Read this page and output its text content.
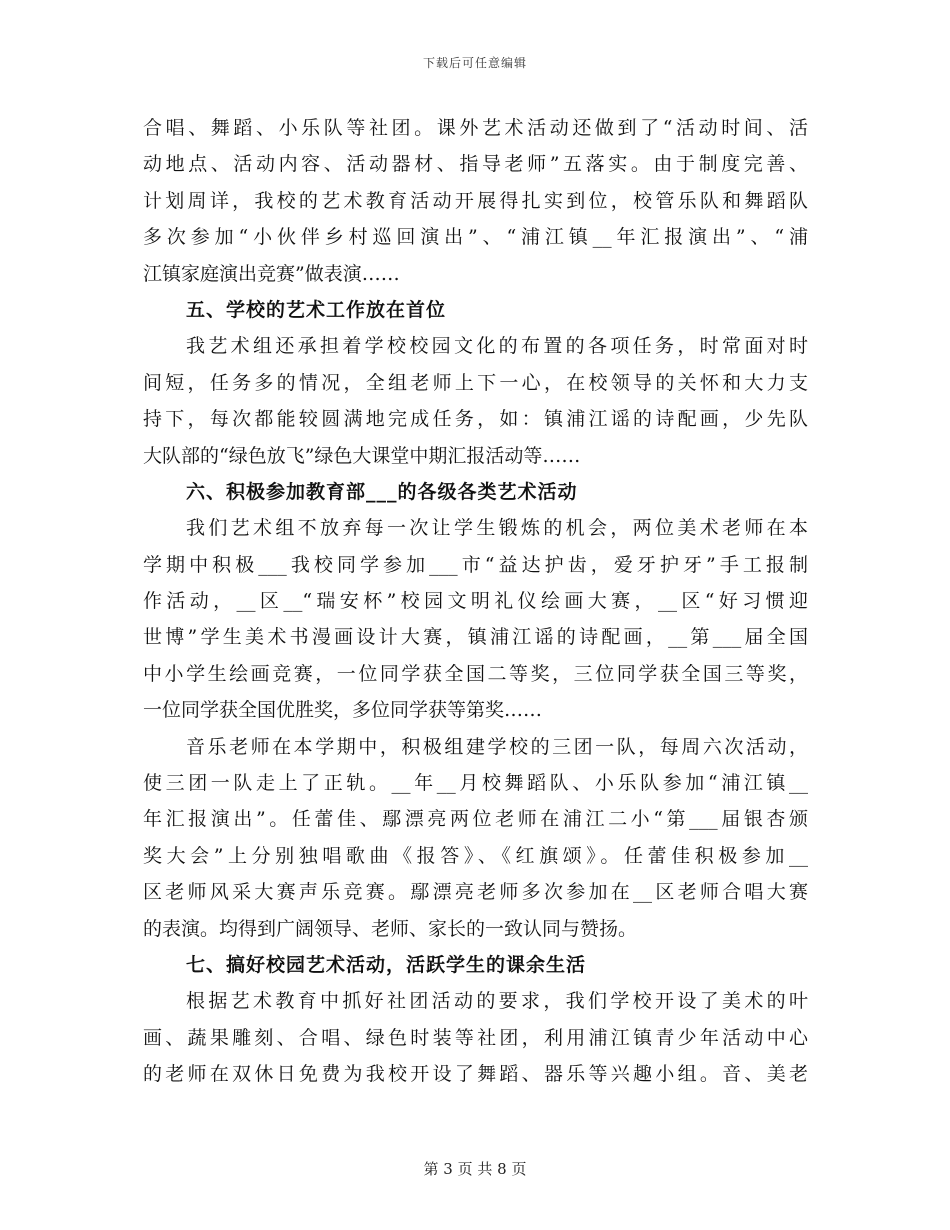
下载后可任意编辑
合唱、舞蹈、小乐队等社团。课外艺术活动还做到了“活动时间、活
动地点、活动内容、活动器材、指导老师”五落实。由于制度完善、
计划周详，我校的艺术教育活动开展得扎实到位，校管乐队和舞蹈队
多次参加“小伙伴乡村巡回演出”、“浦江镇__年汇报演出”、“浦
江镇家庭演出竞赛”做表演……
五、学校的艺术工作放在首位
我艺术组还承担着学校校园文化的布置的各项任务，时常面对时
间短，任务多的情况，全组老师上下一心，在校领导的关怀和大力支
持下，每次都能较圆满地完成任务，如：镇浦江谣的诗配画，少先队
大队部的“绿色放飞”绿色大课堂中期汇报活动等……
六、积极参加教育部___的各级各类艺术活动
我们艺术组不放弃每一次让学生锻炼的机会，两位美术老师在本
学期中积极___我校同学参加___市“益达护齿，爱牙护牙”手工报制
作活动，__区__“瑞安杯”校园文明礼仪绘画大赛，__区“好习惯迎
世博”学生美术书漫画设计大赛，镇浦江谣的诗配画，__第___届全国
中小学生绘画竞赛，一位同学获全国二等奖，三位同学获全国三等奖，
一位同学获全国优胜奖，多位同学获等第奖……
音乐老师在本学期中，积极组建学校的三团一队，每周六次活动，
使三团一队走上了正轨。__年__月校舞蹈队、小乐队参加“浦江镇__
年汇报演出”。任蕾佳、鄢漂亮两位老师在浦江二小“第___届银杏颁
奖大会”上分别独唱歌曲《报答》、《红旗颂》。任蕾佳积极参加__
区老师风采大赛声乐竞赛。鄢漂亮老师多次参加在__区老师合唱大赛
的表演。均得到广阔领导、老师、家长的一致认同与赞扬。
七、搞好校园艺术活动，活跃学生的课余生活
根据艺术教育中抓好社团活动的要求，我们学校开设了美术的叶
画、蔬果雕刻、合唱、绿色时装等社团，利用浦江镇青少年活动中心
的老师在双休日免费为我校开设了舞蹈、器乐等兴趣小组。音、美老
第 3 页 共 8 页
